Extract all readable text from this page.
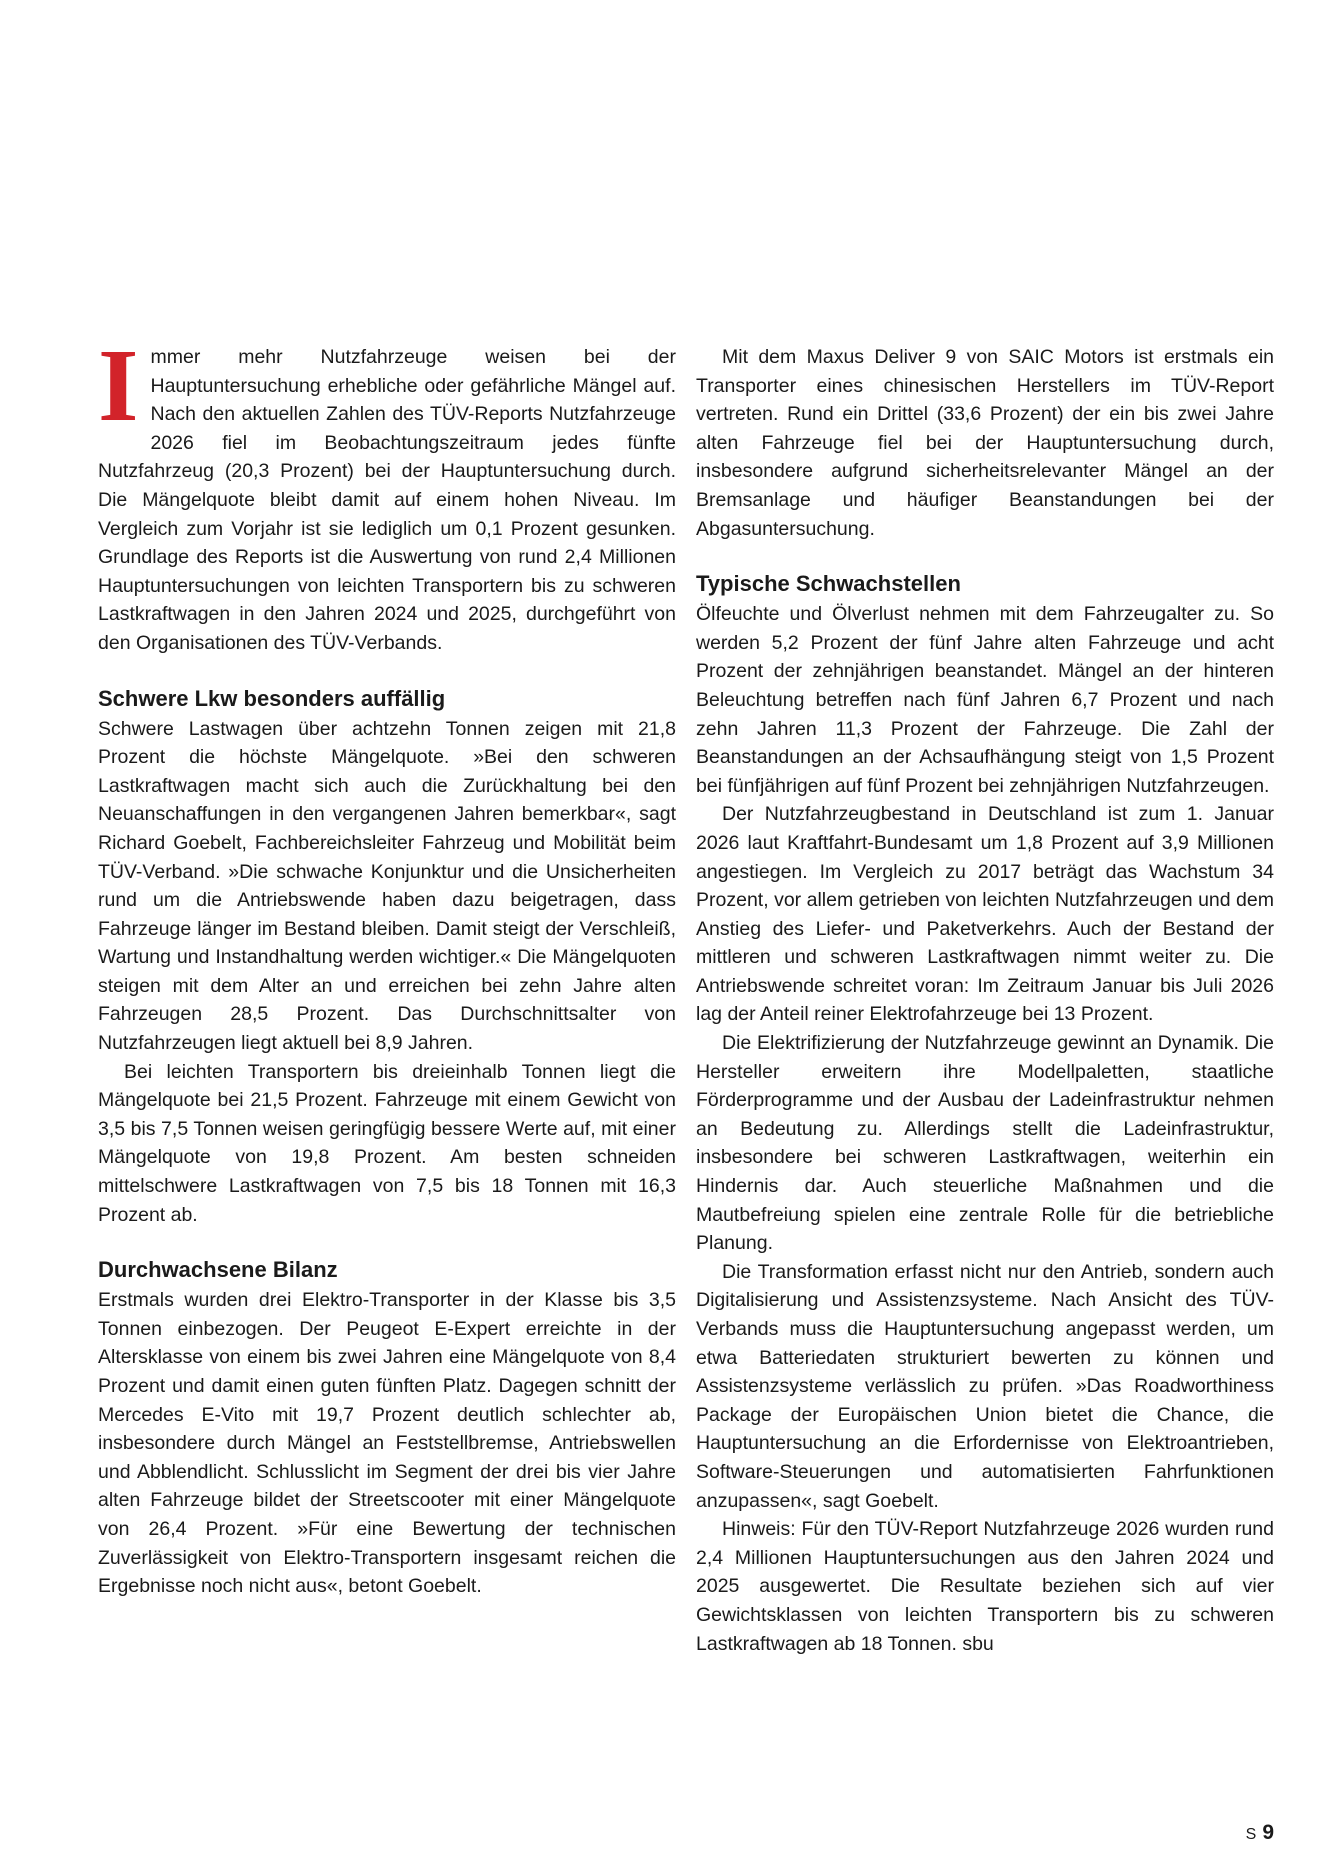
Immer mehr Nutzfahrzeuge weisen bei der Hauptuntersuchung erhebliche oder gefährliche Mängel auf. Nach den aktuellen Zahlen des TÜV-Reports Nutzfahrzeuge 2026 fiel im Beobachtungszeitraum jedes fünfte Nutzfahrzeug (20,3 Prozent) bei der Hauptuntersuchung durch. Die Mängelquote bleibt damit auf einem hohen Niveau. Im Vergleich zum Vorjahr ist sie lediglich um 0,1 Prozent gesunken. Grundlage des Reports ist die Auswertung von rund 2,4 Millionen Hauptuntersuchungen von leichten Transportern bis zu schweren Lastkraftwagen in den Jahren 2024 und 2025, durchgeführt von den Organisationen des TÜV-Verbands.

Schwere Lkw besonders auffällig

Schwere Lastwagen über achtzehn Tonnen zeigen mit 21,8 Prozent die höchste Mängelquote. »Bei den schweren Lastkraftwagen macht sich auch die Zurückhaltung bei den Neuanschaffungen in den vergangenen Jahren bemerkbar«, sagt Richard Goebelt, Fachbereichsleiter Fahrzeug und Mobilität beim TÜV-Verband. »Die schwache Konjunktur und die Unsicherheiten rund um die Antriebswende haben dazu beigetragen, dass Fahrzeuge länger im Bestand bleiben. Damit steigt der Verschleiß, Wartung und Instandhaltung werden wichtiger.« Die Mängelquoten steigen mit dem Alter an und erreichen bei zehn Jahre alten Fahrzeugen 28,5 Prozent. Das Durchschnittsalter von Nutzfahrzeugen liegt aktuell bei 8,9 Jahren.

Bei leichten Transportern bis dreieinhalb Tonnen liegt die Mängelquote bei 21,5 Prozent. Fahrzeuge mit einem Gewicht von 3,5 bis 7,5 Tonnen weisen geringfügig bessere Werte auf, mit einer Mängelquote von 19,8 Prozent. Am besten schneiden mittelschwere Lastkraftwagen von 7,5 bis 18 Tonnen mit 16,3 Prozent ab.

Durchwachsene Bilanz

Erstmals wurden drei Elektro-Transporter in der Klasse bis 3,5 Tonnen einbezogen. Der Peugeot E-Expert erreichte in der Altersklasse von einem bis zwei Jahren eine Mängelquote von 8,4 Prozent und damit einen guten fünften Platz. Dagegen schnitt der Mercedes E-Vito mit 19,7 Prozent deutlich schlechter ab, insbesondere durch Mängel an Feststellbremse, Antriebswellen und Abblendlicht. Schlusslicht im Segment der drei bis vier Jahre alten Fahrzeuge bildet der Streetscooter mit einer Mängelquote von 26,4 Prozent. »Für eine Bewertung der technischen Zuverlässigkeit von Elektro-Transportern insgesamt reichen die Ergebnisse noch nicht aus«, betont Goebelt.

Mit dem Maxus Deliver 9 von SAIC Motors ist erstmals ein Transporter eines chinesischen Herstellers im TÜV-Report vertreten. Rund ein Drittel (33,6 Prozent) der ein bis zwei Jahre alten Fahrzeuge fiel bei der Hauptuntersuchung durch, insbesondere aufgrund sicherheitsrelevanter Mängel an der Bremsanlage und häufiger Beanstandungen bei der Abgasuntersuchung.

Typische Schwachstellen

Ölfeuchte und Ölverlust nehmen mit dem Fahrzeugalter zu. So werden 5,2 Prozent der fünf Jahre alten Fahrzeuge und acht Prozent der zehnjährigen beanstandet. Mängel an der hinteren Beleuchtung betreffen nach fünf Jahren 6,7 Prozent und nach zehn Jahren 11,3 Prozent der Fahrzeuge. Die Zahl der Beanstandungen an der Achsaufhängung steigt von 1,5 Prozent bei fünfjährigen auf fünf Prozent bei zehnjährigen Nutzfahrzeugen.

Der Nutzfahrzeugbestand in Deutschland ist zum 1. Januar 2026 laut Kraftfahrt-Bundesamt um 1,8 Prozent auf 3,9 Millionen angestiegen. Im Vergleich zu 2017 beträgt das Wachstum 34 Prozent, vor allem getrieben von leichten Nutzfahrzeugen und dem Anstieg des Liefer- und Paketverkehrs. Auch der Bestand der mittleren und schweren Lastkraftwagen nimmt weiter zu. Die Antriebswende schreitet voran: Im Zeitraum Januar bis Juli 2026 lag der Anteil reiner Elektrofahrzeuge bei 13 Prozent.

Die Elektrifizierung der Nutzfahrzeuge gewinnt an Dynamik. Die Hersteller erweitern ihre Modellpaletten, staatliche Förderprogramme und der Ausbau der Ladeinfrastruktur nehmen an Bedeutung zu. Allerdings stellt die Ladeinfrastruktur, insbesondere bei schweren Lastkraftwagen, weiterhin ein Hindernis dar. Auch steuerliche Maßnahmen und die Mautbefreiung spielen eine zentrale Rolle für die betriebliche Planung.

Die Transformation erfasst nicht nur den Antrieb, sondern auch Digitalisierung und Assistenzsysteme. Nach Ansicht des TÜV-Verbands muss die Hauptuntersuchung angepasst werden, um etwa Batteriedaten strukturiert bewerten zu können und Assistenzsysteme verlässlich zu prüfen. »Das Roadworthiness Package der Europäischen Union bietet die Chance, die Hauptuntersuchung an die Erfordernisse von Elektroantrieben, Software-Steuerungen und automatisierten Fahrfunktionen anzupassen«, sagt Goebelt.

Hinweis: Für den TÜV-Report Nutzfahrzeuge 2026 wurden rund 2,4 Millionen Hauptuntersuchungen aus den Jahren 2024 und 2025 ausgewertet. Die Resultate beziehen sich auf vier Gewichtsklassen von leichten Transportern bis zu schweren Lastkraftwagen ab 18 Tonnen. sbu

S 9
